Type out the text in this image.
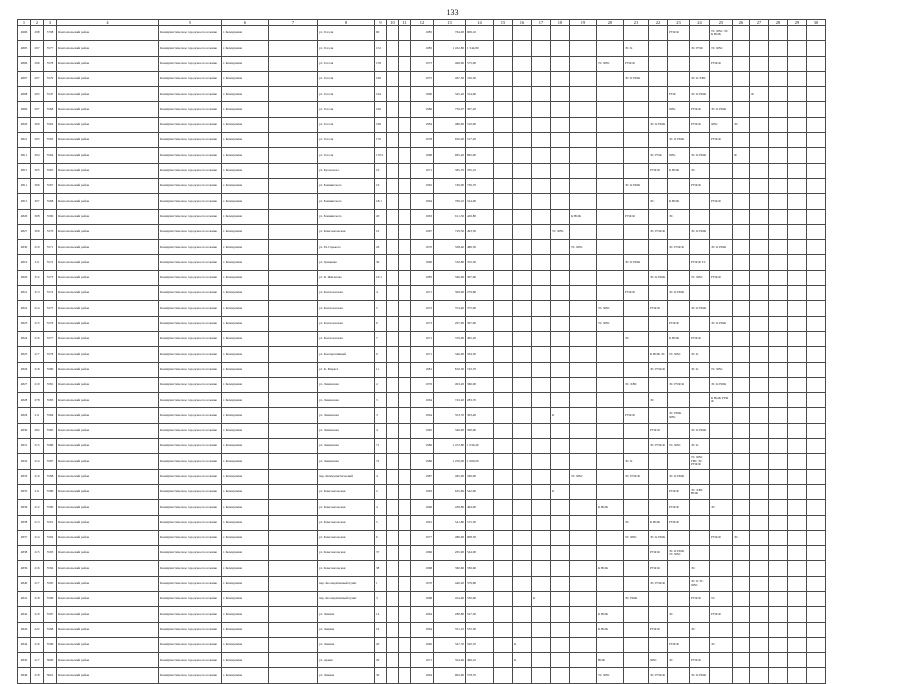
133
1	2	3	4	5	6	7	8	9	10	11	12	13	14	15	16	17	18	19	20	21	22	23	24	25	26	27	28	29	30
4906	298	5798	Комсомольский район	Коммунистическое городское поселение	г. Коммунизм		ул. Гоголя	60			1985	764,00	909,10									РУФ Ф		ТС ХВС ЭС К НОК					
4805	297	5577	Комсомольский район	Коммунистическое городское поселение	г. Коммунизм		ул. Гоголя	152			1985	1 452,80	1 544,80							ЭС К			ЭС РУФ	ТС ХВС					
4806	296	5578	Комсомольский район	Коммунистическое городское поселение	г. Коммунизм		ул. Гоголя	158			1975	466,90	575,00						ТС ХВС	РУФ Ф				РУФ Ф					
4807	297	5579	Комсомольский район	Коммунистическое городское поселение	г. Коммунизм		ул. Гоголя	160			1975	467,50	316,50							ЭС К НОК			ЭС К ХВС						
4808	295	5547	Комсомольский район	Коммунистическое городское поселение	г. Коммунизм		ул. Гоголя	164			1990	345,20	314,60									РУФ	ЭС К НОК			Ф			
4809	297	5568	Комсомольский район	Коммунистическое городское поселение	г. Коммунизм		ул. Гоголя	166			1986	750,97	307,20									ХВС	РУФ Ф	ЭС К НОК					
4820	300	5562	Комсомольский район	Коммунистическое городское поселение	г. Коммунизм		ул. Гоголя	168			1984	486,00	510,00								ЭС К НОК		РУФ Ф	ХВС	ЭС				
4821	295	5563	Комсомольский район	Коммунистическое городское поселение	г. Коммунизм		ул. Гоголя	170			1978	650,00	517,20									ЭС К НОК		РУФ Ф					
4811	304	5564	Комсомольский район	Коммунистическое городское поселение	г. Коммунизм		ул. Гоголя	170/1			1968	965,40	862,00								ЭС РУФ	ХВС	ЭС К НОК		Ф				
4815	305	5565	Комсомольский район	Коммунистическое городское поселение	г. Коммунизм		ул. Бутовского	10			1971	365,70	335,10								РУФ Ф	К НОК	ЭС						
4811	306	5567	Комсомольский район	Коммунистическое городское поселение	г. Коммунизм		ул. Бонвинского	16			1965	749,90	736,70							ЭС К НОК			РУФ Ф						
4815	307	5568	Комсомольский район	Коммунистическое городское поселение	г. Коммунизм		ул. Бонвинского	18/1			1964	799,10	524,00								ЭС	К НОК		РУФ Ф					
4820	308	5569	Комсомольский район	Коммунистическое городское поселение	г. Коммунизм		ул. Бонвинского	20			1963	611,30	429,80					К НОК		РУФ Ф		ЭС							
4827	309	5570	Комсомольский район	Коммунистическое городское поселение	г. Коммунизм		ул. Комсомольская	10			1967	729,50	493,50				ТС ХВС				ЭС РУФ Ф		ЭС К НОК						
4830	210	5571	Комсомольский район	Коммунистическое городское поселение	г. Коммунизм		ул. М. Горького	26			1970	338,40	486,50					ТС ХВС				ЭС РУФ Ф		ЭС К НОК					
4819	311	5572	Комсомольский район	Коммунистическое городское поселение	г. Коммунизм		ул. Гриценко	30			1966	316,80	352,50							ЭС К НОК			РУФ Ф ТС						
4820	312	5573	Комсомольский район	Коммунистическое городское поселение	г. Коммунизм		ул. К. Жиганова	10/1			1985	346,00	307,60								ЭС К НОК		ТС ХВС	РУФ Ф					
4821	313	5574	Комсомольский район	Коммунистическое городское поселение	г. Коммунизм		ул. Колхозовская	4			1971	309,00	279,80							РУФ Ф		ЭС К НОК							
4822	214	5575	Комсомольский район	Коммунистическое городское поселение	г. Коммунизм		ул. Колхозовская	5			1972	374,40	375,00						ТС ХВС		РУФ Ф		ЭС К НОК						
4823	215	5576	Комсомольский район	Коммунистическое городское поселение	г. Коммунизм		ул. Колхозовская	6			1973	297,90	367,90						ТС ХВС			РУФ Ф		ЭС К НОК					
4824	216	5577	Комсомольский район	Коммунистическое городское поселение	г. Коммунизм		ул. Колхозовская	7			1971	379,00	495,20							ЭС		К НОК	РУФ Ф						
4825	217	5578	Комсомольский район	Коммунистическое городское поселение	г. Коммунизм		ул. Кооперативный	9			1971	346,00	334,50								К НОК ЭС	ТС ХВС	ЭС К						
4826	218	5580	Комсомольский район	Коммунистическое городское поселение	г. Коммунизм		ул. К. Маркса	11			1981	810,50	743,70								ЭС РУФ Ф		ЭС К	ТС ХВС					
4827	219	5581	Комсомольский район	Коммунистическое городское поселение	г. Коммунизм		ул. Ленинская	4			1976	493,20	366,00							ЭС ХВС		ЭС РУФ Ф		ЭС К НОК					
4828	278	5583	Комсомольский район	Коммунистическое городское поселение	г. Коммунизм		ул. Ленинская	3			1964	743,20	283,70								ЭС			К НОК РУФ Ф					
4829	211	5584	Комсомольский район	Коммунистическое городское поселение	г. Коммунизм		ул. Ленинская	3			1964	353,70	393,40				К			РУФ Ф		ЭС НОК ХВС							
4830	282	5585	Комсомольский район	Коммунистическое городское поселение	г. Коммунизм		ул. Ленинская	4			1965	346,00	300,00								РУФ Ф		ЭС К НОК						
4831	215	5586	Комсомольский район	Коммунистическое городское поселение	г. Коммунизм		ул. Ленинская	71			1986	1 472,80	1 036,40								ЭС РУФ Ф	ТС ХВС	ЭС К						
4832	214	5587	Комсомольский район	Коммунистическое городское поселение	г. Коммунизм		ул. Ленинская	72			1986	1 250,00	1 000,00							ЭС К			ТС ХВС ГВС ЭС РУФ Ф						
4833	210	5588	Комсомольский район	Коммунистическое городское поселение	г. Коммунизм		пер. Коммунистический	4			1987	465,00	349,00					ТС ХВС		ЭС РУФ Ф		ЭС К НОК							
4835	211	5589	Комсомольский район	Коммунистическое городское поселение	г. Коммунизм		ул. Комсомольская	2			1963	635,60	542,90				К					РУФ Ф	ЭС ХВС НОК						
4836	212	5590	Комсомольский район	Коммунистическое городское поселение	г. Коммунизм		ул. Комсомольская	4			1966	439,80	464,00						К НОК			РУФ Ф		ЭС					
4838	213	5591	Комсомольский район	Коммунистическое городское поселение	г. Коммунизм		ул. Комсомольская	5			1961	541,80	515,50							ЭС	К НОК	РУФ Ф							
4837	214	5592	Комсомольский район	Коммунистическое городское поселение	г. Коммунизм		ул. Комсомольская	6			1977	486,90	908,50							ТС ХВС	ЭС К НОК			РУФ Ф	ЭС				
4838	215	5593	Комсомольский район	Коммунистическое городское поселение	г. Коммунизм		ул. Комсомольская	37			1966	265,90	544,00								РУФ Ф	ЭС К НОК ТС ХВС							
4839	216	5594	Комсомольский район	Коммунистическое городское поселение	г. Коммунизм		ул. Комсомольская	38			1968	360,60	336,60						К НОК		РУФ Ф		ЭС						
4840	217	5595	Комсомольский район	Коммунистическое городское поселение	г. Коммунизм		пер. Кооперативный пункт	1			1970	440,20	379,80								ЭС РУФ Ф		ЭС К ТС ХВС						
4841	218	5596	Комсомольский район	Коммунистическое городское поселение	г. Коммунизм		пер. Кооперативный пункт	3			1968	454,40	530,60			К				ЭС НОК			РУФ Ф	ТС					
4842	219	5597	Комсомольский район	Коммунистическое городское поселение	г. Коммунизм		ул. Ленина	14			1964	280,80	527,30						К НОК			ЭС		РУФ Ф					
4843	222	5598	Комсомольский район	Коммунистическое городское поселение	г. Коммунизм		ул. Ленина	16			1964	331,10	535,30						К НОК		РУФ Ф		ЭС						
4844	216	5599	Комсомольский район	Коммунистическое городское поселение	г. Коммунизм		ул. Ленина	20			1940	347,70	520,70		К							РУФ Ф		ЭС					
4845	217	5600	Комсомольский район	Коммунистическое городское поселение	г. Коммунизм		ул. Арина	29			1971	324,40	496,10		К				НОК		ХВС	ЭС	РУФ Ф						
4846	218	5601	Комсомольский район	Коммунистическое городское поселение	г. Коммунизм		ул. Ленина	30			1994	902,90	578,70						ТС ХВС		ЭС РУФ Ф		ЭС К НОК						
